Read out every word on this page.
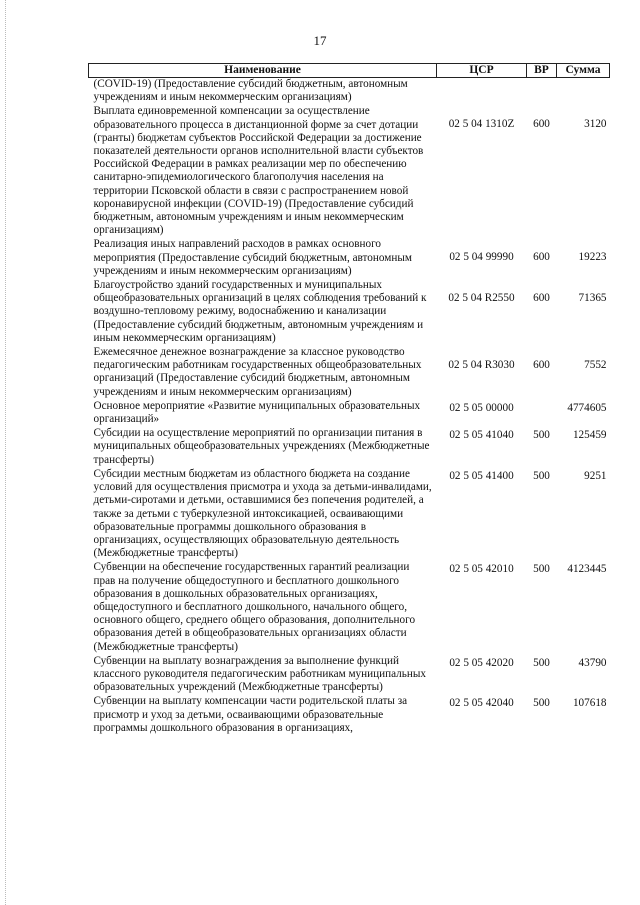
17
Наименование	ЦСР	ВР	Сумма
(COVID-19) (Предоставление субсидий бюджетным, автономным учреждениям и иным некоммерческим организациям)			
Выплата единовременной компенсации за осуществление образовательного процесса в дистанционной форме за счет дотации (гранты) бюджетам субъектов Российской Федерации за достижение показателей деятельности органов исполнительной власти субъектов Российской Федерации в рамках реализации мер по обеспечению санитарно-эпидемиологического благополучия населения на территории Псковской области в связи с распространением новой коронавирусной инфекции (COVID-19) (Предоставление субсидий бюджетным, автономным учреждениям и иным некоммерческим организациям)	02 5 04 1310Z	600	3120
Реализация иных направлений расходов в рамках основного мероприятия (Предоставление субсидий бюджетным, автономным учреждениям и иным некоммерческим организациям)	02 5 04 99990	600	19223
Благоустройство зданий государственных и муниципальных общеобразовательных организаций в целях соблюдения требований к воздушно-тепловому режиму, водоснабжению и канализации (Предоставление субсидий бюджетным, автономным учреждениям и иным некоммерческим организациям)	02 5 04 R2550	600	71365
Ежемесячное денежное вознаграждение за классное руководство педагогическим работникам государственных общеобразовательных организаций (Предоставление субсидий бюджетным, автономным учреждениям и иным некоммерческим организациям)	02 5 04 R3030	600	7552
Основное мероприятие «Развитие муниципальных образовательных организаций»	02 5 05 00000		4774605
Субсидии на осуществление мероприятий по организации питания в муниципальных общеобразовательных учреждениях (Межбюджетные трансферты)	02 5 05 41040	500	125459
Субсидии местным бюджетам из областного бюджета на создание условий для осуществления присмотра и ухода за детьми-инвалидами, детьми-сиротами и детьми, оставшимися без попечения родителей, а также за детьми с туберкулезной интоксикацией, осваивающими образовательные программы дошкольного образования в организациях, осуществляющих образовательную деятельность (Межбюджетные трансферты)	02 5 05 41400	500	9251
Субвенции на обеспечение государственных гарантий реализации прав на получение общедоступного и бесплатного дошкольного образования в дошкольных образовательных организациях, общедоступного и бесплатного дошкольного, начального общего, основного общего, среднего общего образования, дополнительного образования детей в общеобразовательных организациях области (Межбюджетные трансферты)	02 5 05 42010	500	4123445
Субвенции на выплату вознаграждения за выполнение функций классного руководителя педагогическим работникам муниципальных образовательных учреждений (Межбюджетные трансферты)	02 5 05 42020	500	43790
Субвенции на выплату компенсации части родительской платы за присмотр и уход за детьми, осваивающими образовательные программы дошкольного образования в организациях,	02 5 05 42040	500	107618
